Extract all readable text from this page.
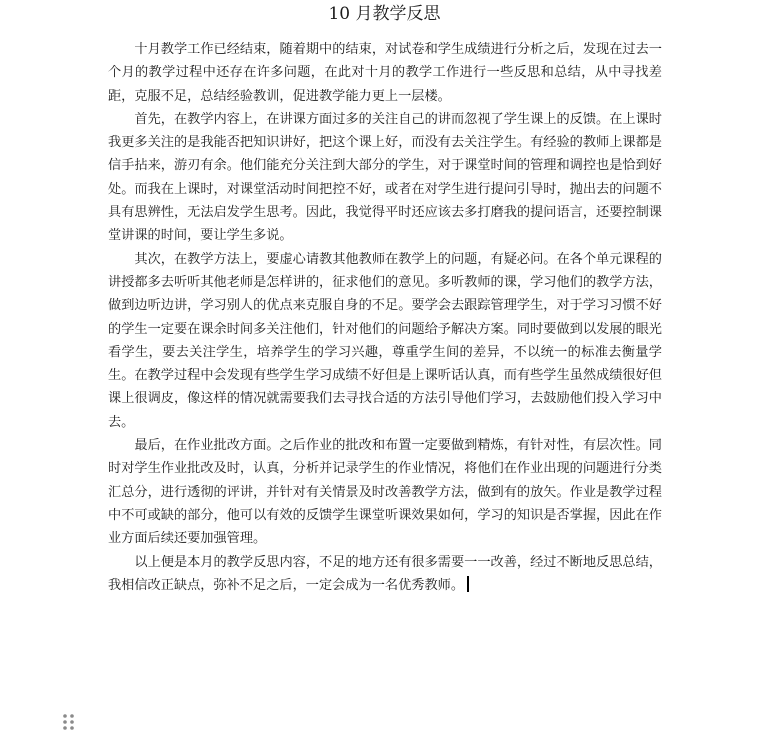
10 月教学反思

十月教学工作已经结束，随着期中的结束，对试卷和学生成绩进行分析之后，发现在过去一个月的教学过程中还存在许多问题，在此对十月的教学工作进行一些反思和总结，从中寻找差距，克服不足，总结经验教训，促进教学能力更上一层楼。

首先，在教学内容上，在讲课方面过多的关注自己的讲而忽视了学生课上的反馈。在上课时我更多关注的是我能否把知识讲好，把这个课上好，而没有去关注学生。有经验的教师上课都是信手拈来，游刃有余。他们能充分关注到大部分的学生，对于课堂时间的管理和调控也是恰到好处。而我在上课时，对课堂活动时间把控不好，或者在对学生进行提问引导时，抛出去的问题不具有思辨性，无法启发学生思考。因此，我觉得平时还应该去多打磨我的提问语言，还要控制课堂讲课的时间，要让学生多说。

其次，在教学方法上，要虚心请教其他教师在教学上的问题，有疑必问。在各个单元课程的讲授都多去听听其他老师是怎样讲的，征求他们的意见。多听教师的课，学习他们的教学方法，做到边听边讲，学习别人的优点来克服自身的不足。要学会去跟踪管理学生，对于学习习惯不好的学生一定要在课余时间多关注他们，针对他们的问题给予解决方案。同时要做到以发展的眼光看学生，要去关注学生，培养学生的学习兴趣，尊重学生间的差异，不以统一的标准去衡量学生。在教学过程中会发现有些学生学习成绩不好但是上课听话认真，而有些学生虽然成绩很好但课上很调皮，像这样的情况就需要我们去寻找合适的方法引导他们学习，去鼓励他们投入学习中去。

最后，在作业批改方面。之后作业的批改和布置一定要做到精炼，有针对性，有层次性。同时对学生作业批改及时，认真，分析并记录学生的作业情况，将他们在作业出现的问题进行分类汇总分，进行透彻的评讲，并针对有关情景及时改善教学方法，做到有的放矢。作业是教学过程中不可或缺的部分，他可以有效的反馈学生课堂听课效果如何，学习的知识是否掌握，因此在作业方面后续还要加强管理。

以上便是本月的教学反思内容，不足的地方还有很多需要一一改善，经过不断地反思总结，我相信改正缺点，弥补不足之后，一定会成为一名优秀教师。
